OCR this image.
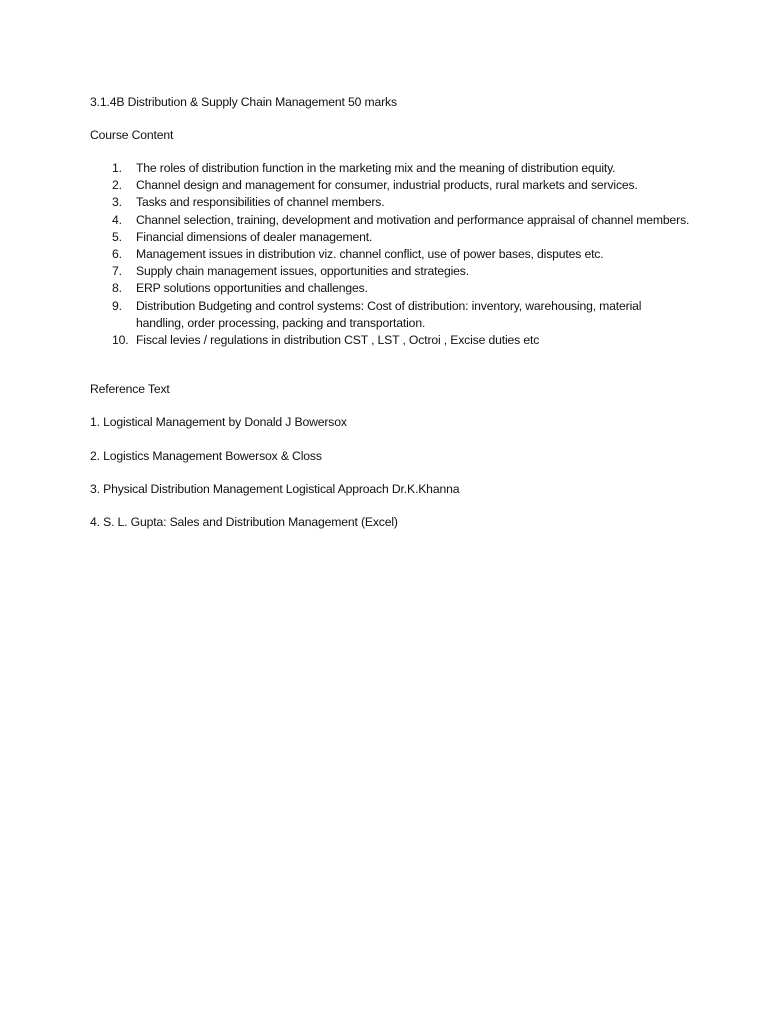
3.1.4B Distribution & Supply Chain Management 50 marks
Course Content
1.	The roles of distribution function in the marketing mix and the meaning of distribution equity.
2.	Channel design and management for consumer, industrial products, rural markets and services.
3.	Tasks and responsibilities of channel members.
4.	Channel selection, training, development and motivation and performance appraisal of channel members.
5.	Financial dimensions of dealer management.
6.	Management issues in distribution viz. channel conflict, use of power bases, disputes etc.
7.	Supply chain management issues, opportunities and strategies.
8.	ERP solutions opportunities and challenges.
9.	Distribution Budgeting and control systems: Cost of distribution: inventory, warehousing, material handling, order processing, packing and transportation.
10. Fiscal levies / regulations in distribution CST , LST , Octroi , Excise duties etc
Reference Text
1. Logistical Management by Donald J Bowersox
2. Logistics Management Bowersox & Closs
3. Physical Distribution Management Logistical Approach Dr.K.Khanna
4. S. L. Gupta: Sales and Distribution Management (Excel)
